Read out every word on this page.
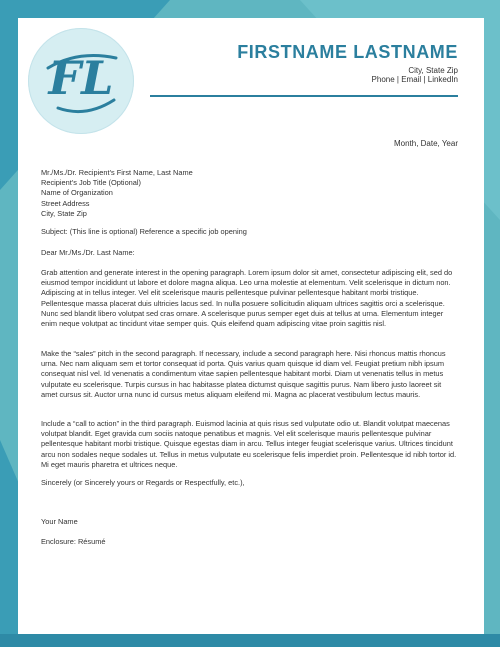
FL	FIRSTNAME LASTNAME
City, State Zip
Phone | Email | LinkedIn
Month, Date, Year
Mr./Ms./Dr. Recipient's First Name, Last Name
Recipient's Job Title (Optional)
Name of Organization
Street Address
City, State Zip
Subject: (This line is optional) Reference a specific job opening
Dear Mr./Ms./Dr. Last Name:

Grab attention and generate interest in the opening paragraph. Lorem ipsum dolor sit amet, consectetur adipiscing elit, sed do eiusmod tempor incididunt ut labore et dolore magna aliqua. Leo urna molestie at elementum. Velit scelerisque in dictum non. Adipiscing at in tellus integer. Vel elit scelerisque mauris pellentesque pulvinar pellentesque habitant morbi tristique. Pellentesque massa placerat duis ultricies lacus sed. In nulla posuere sollicitudin aliquam ultrices sagittis orci a scelerisque. Nunc sed blandit libero volutpat sed cras ornare. A scelerisque purus semper eget duis at tellus at urna. Elementum integer enim neque volutpat ac tincidunt vitae semper quis. Quis eleifend quam adipiscing vitae proin sagittis nisl.

Make the “sales” pitch in the second paragraph. If necessary, include a second paragraph here. Nisi rhoncus mattis rhoncus urna. Nec nam aliquam sem et tortor consequat id porta. Quis varius quam quisque id diam vel. Feugiat pretium nibh ipsum consequat nisl vel. Id venenatis a condimentum vitae sapien pellentesque habitant morbi. Diam ut venenatis tellus in metus vulputate eu scelerisque. Turpis cursus in hac habitasse platea dictumst quisque sagittis purus. Nam libero justo laoreet sit amet cursus sit. Auctor urna nunc id cursus metus aliquam eleifend mi. Magna ac placerat vestibulum lectus mauris.

Include a “call to action” in the third paragraph. Euismod lacinia at quis risus sed vulputate odio ut. Blandit volutpat maecenas volutpat blandit. Eget gravida cum sociis natoque penatibus et magnis. Vel elit scelerisque mauris pellentesque pulvinar pellentesque habitant morbi tristique. Quisque egestas diam in arcu. Tellus integer feugiat scelerisque varius. Ultrices tincidunt arcu non sodales neque sodales ut. Tellus in metus vulputate eu scelerisque felis imperdiet proin. Pellentesque id nibh tortor id. Mi eget mauris pharetra et ultrices neque.

Sincerely (or Sincerely yours or Regards or Respectfully, etc.),
Your Name
Enclosure: Résumé
